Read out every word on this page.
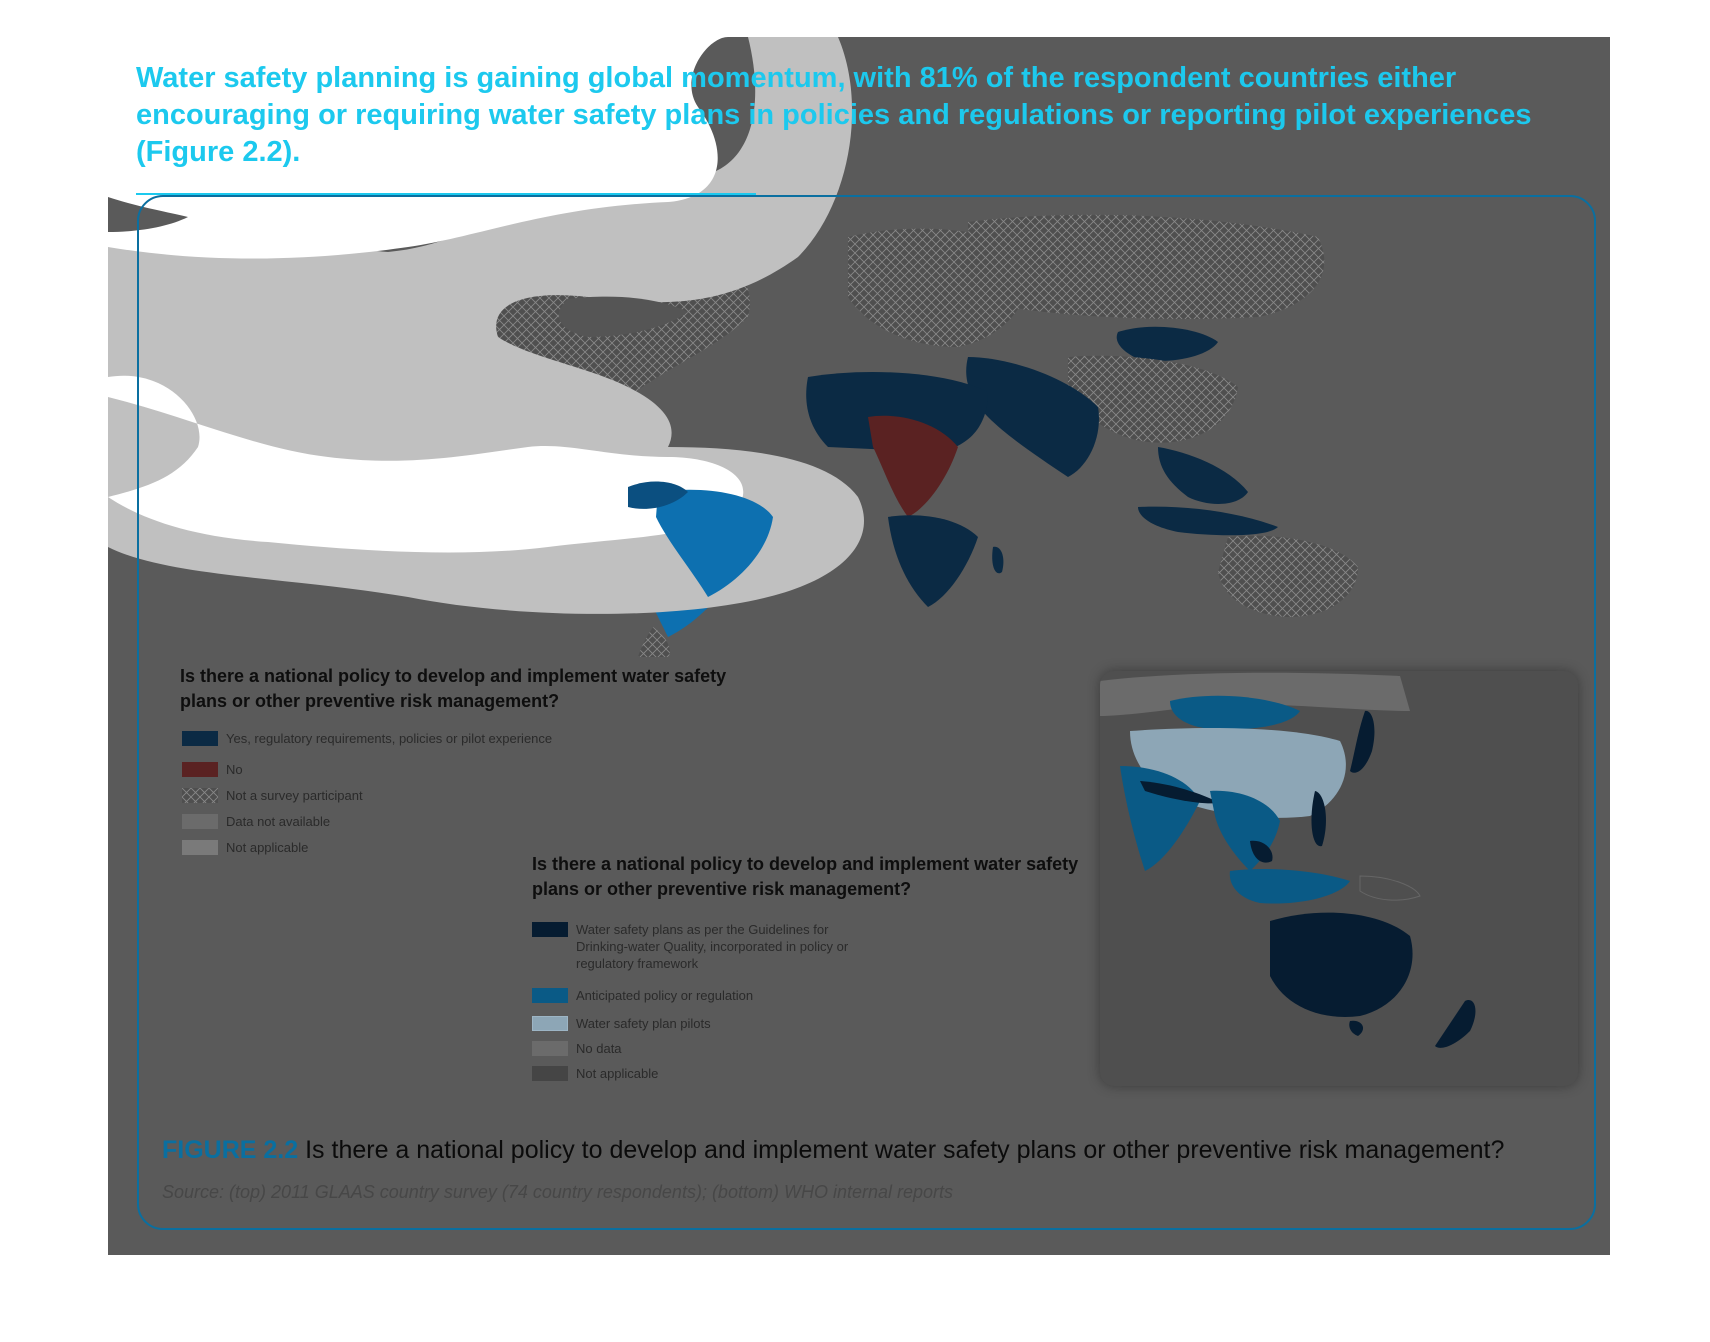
Water safety planning is gaining global momentum, with 81% of the respondent countries either encouraging or requiring water safety plans in policies and regulations or reporting pilot experiences (Figure 2.2).
Is there a national policy to develop and implement water safety plans or other preventive risk management?
Yes, regulatory requirements, policies or pilot experience
No
Not a survey participant
Data not available
Not applicable
Is there a national policy to develop and implement water safety plans or other preventive risk management?
Water safety plans as per the Guidelines for Drinking-water Quality, incorporated in policy or regulatory framework
Anticipated policy or regulation
Water safety plan pilots
No data
Not applicable
FIGURE 2.2 Is there a national policy to develop and implement water safety plans or other preventive risk management?
Source: (top) 2011 GLAAS country survey (74 country respondents); (bottom) WHO internal reports
